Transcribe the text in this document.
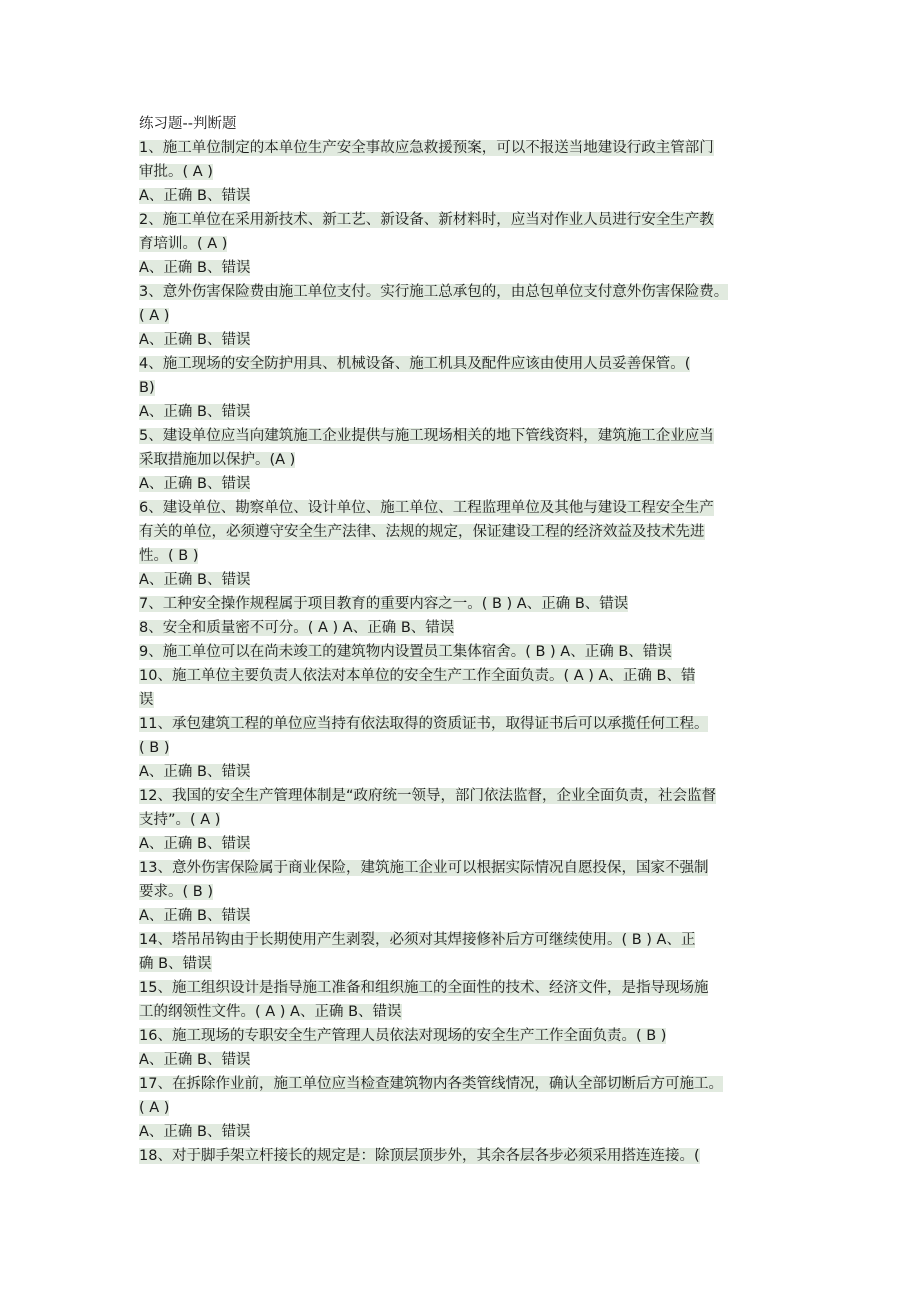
练习题--判断题
1、施工单位制定的本单位生产安全事故应急救援预案，可以不报送当地建设行政主管部门
审批。( A )
A、正确 B、错误
2、施工单位在采用新技术、新工艺、新设备、新材料时，应当对作业人员进行安全生产教
育培训。( A )
A、正确 B、错误
3、意外伤害保险费由施工单位支付。实行施工总承包的，由总包单位支付意外伤害保险费。
( A )
A、正确 B、错误
4、施工现场的安全防护用具、机械设备、施工机具及配件应该由使用人员妥善保管。(
B)
A、正确 B、错误
5、建设单位应当向建筑施工企业提供与施工现场相关的地下管线资料，建筑施工企业应当
采取措施加以保护。(A )
A、正确 B、错误
6、建设单位、勘察单位、设计单位、施工单位、工程监理单位及其他与建设工程安全生产
有关的单位，必须遵守安全生产法律、法规的规定，保证建设工程的经济效益及技术先进
性。( B )
A、正确 B、错误
7、工种安全操作规程属于项目教育的重要内容之一。( B ) A、正确 B、错误
8、安全和质量密不可分。( A ) A、正确 B、错误
9、施工单位可以在尚未竣工的建筑物内设置员工集体宿舍。( B ) A、正确 B、错误
10、施工单位主要负责人依法对本单位的安全生产工作全面负责。( A ) A、正确 B、错
误
11、承包建筑工程的单位应当持有依法取得的资质证书，取得证书后可以承揽任何工程。
( B )
A、正确 B、错误
12、我国的安全生产管理体制是“政府统一领导，部门依法监督，企业全面负责，社会监督
支持”。( A )
A、正确 B、错误
13、意外伤害保险属于商业保险，建筑施工企业可以根据实际情况自愿投保，国家不强制
要求。( B )
A、正确 B、错误
14、塔吊吊钩由于长期使用产生剥裂，必须对其焊接修补后方可继续使用。( B ) A、正
确 B、错误
15、施工组织设计是指导施工准备和组织施工的全面性的技术、经济文件，是指导现场施
工的纲领性文件。( A ) A、正确 B、错误
16、施工现场的专职安全生产管理人员依法对现场的安全生产工作全面负责。( B )
A、正确 B、错误
17、在拆除作业前，施工单位应当检查建筑物内各类管线情况，确认全部切断后方可施工。
( A )
A、正确 B、错误
18、对于脚手架立杆接长的规定是：除顶层顶步外，其余各层各步必须采用搭连连接。(
